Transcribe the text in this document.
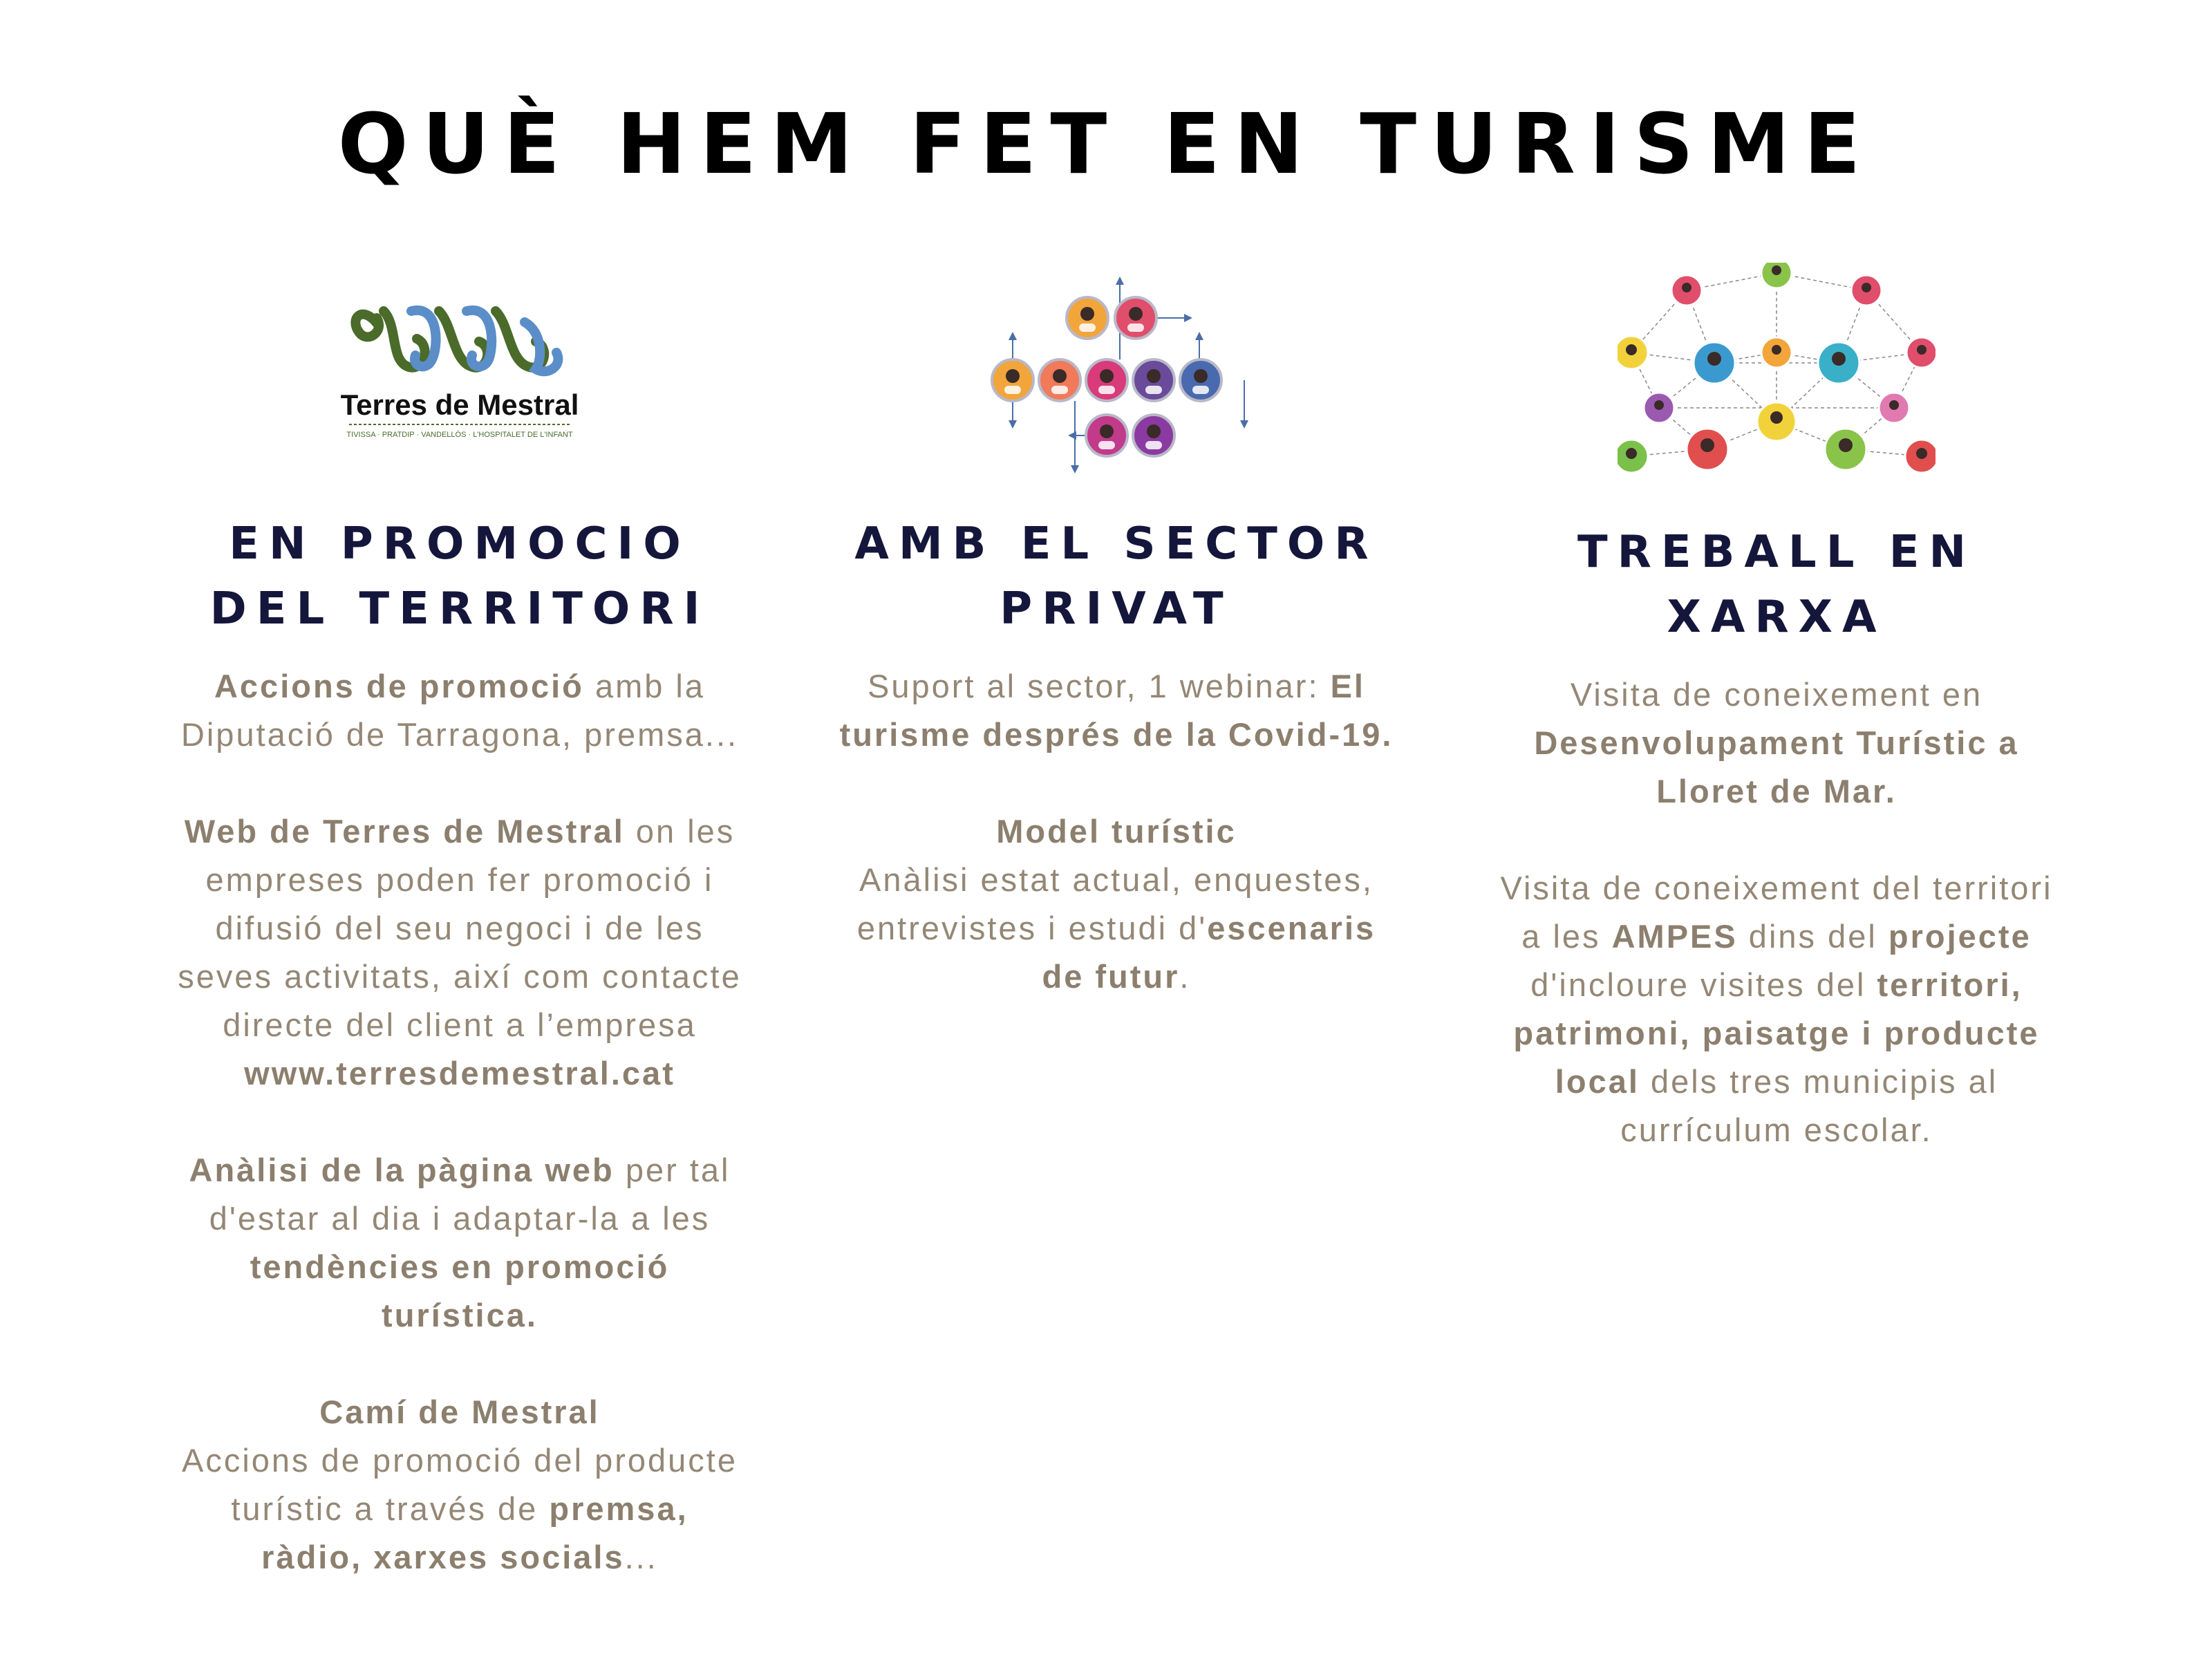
QUÈ HEM FET EN TURISME
Terres de Mestral
TIVISSA · PRATDIP · VANDELLÒS · L'HOSPITALET DE L'INFANT
EN PROMOCIO DEL TERRITORI

Accions de promoció amb la Diputació de Tarragona, premsa...

Web de Terres de Mestral on les empreses poden fer promoció i difusió del seu negoci i de les seves activitats, així com contacte directe del client a l’empresa www.terresdemestral.cat

Anàlisi de la pàgina web per tal d'estar al dia i adaptar-la a les tendències en promoció turística.

Camí de Mestral
Accions de promoció del producte turístic a través de premsa, ràdio, xarxes socials...

AMB EL SECTOR PRIVAT

Suport al sector, 1 webinar: El turisme després de la Covid-19.

Model turístic
Anàlisi estat actual, enquestes, entrevistes i estudi d'escenaris de futur.

TREBALL EN XARXA

Visita de coneixement en Desenvolupament Turístic a Lloret de Mar.

Visita de coneixement del territori a les AMPES dins del projecte d'incloure visites del territori, patrimoni, paisatge i producte local dels tres municipis al currículum escolar.
